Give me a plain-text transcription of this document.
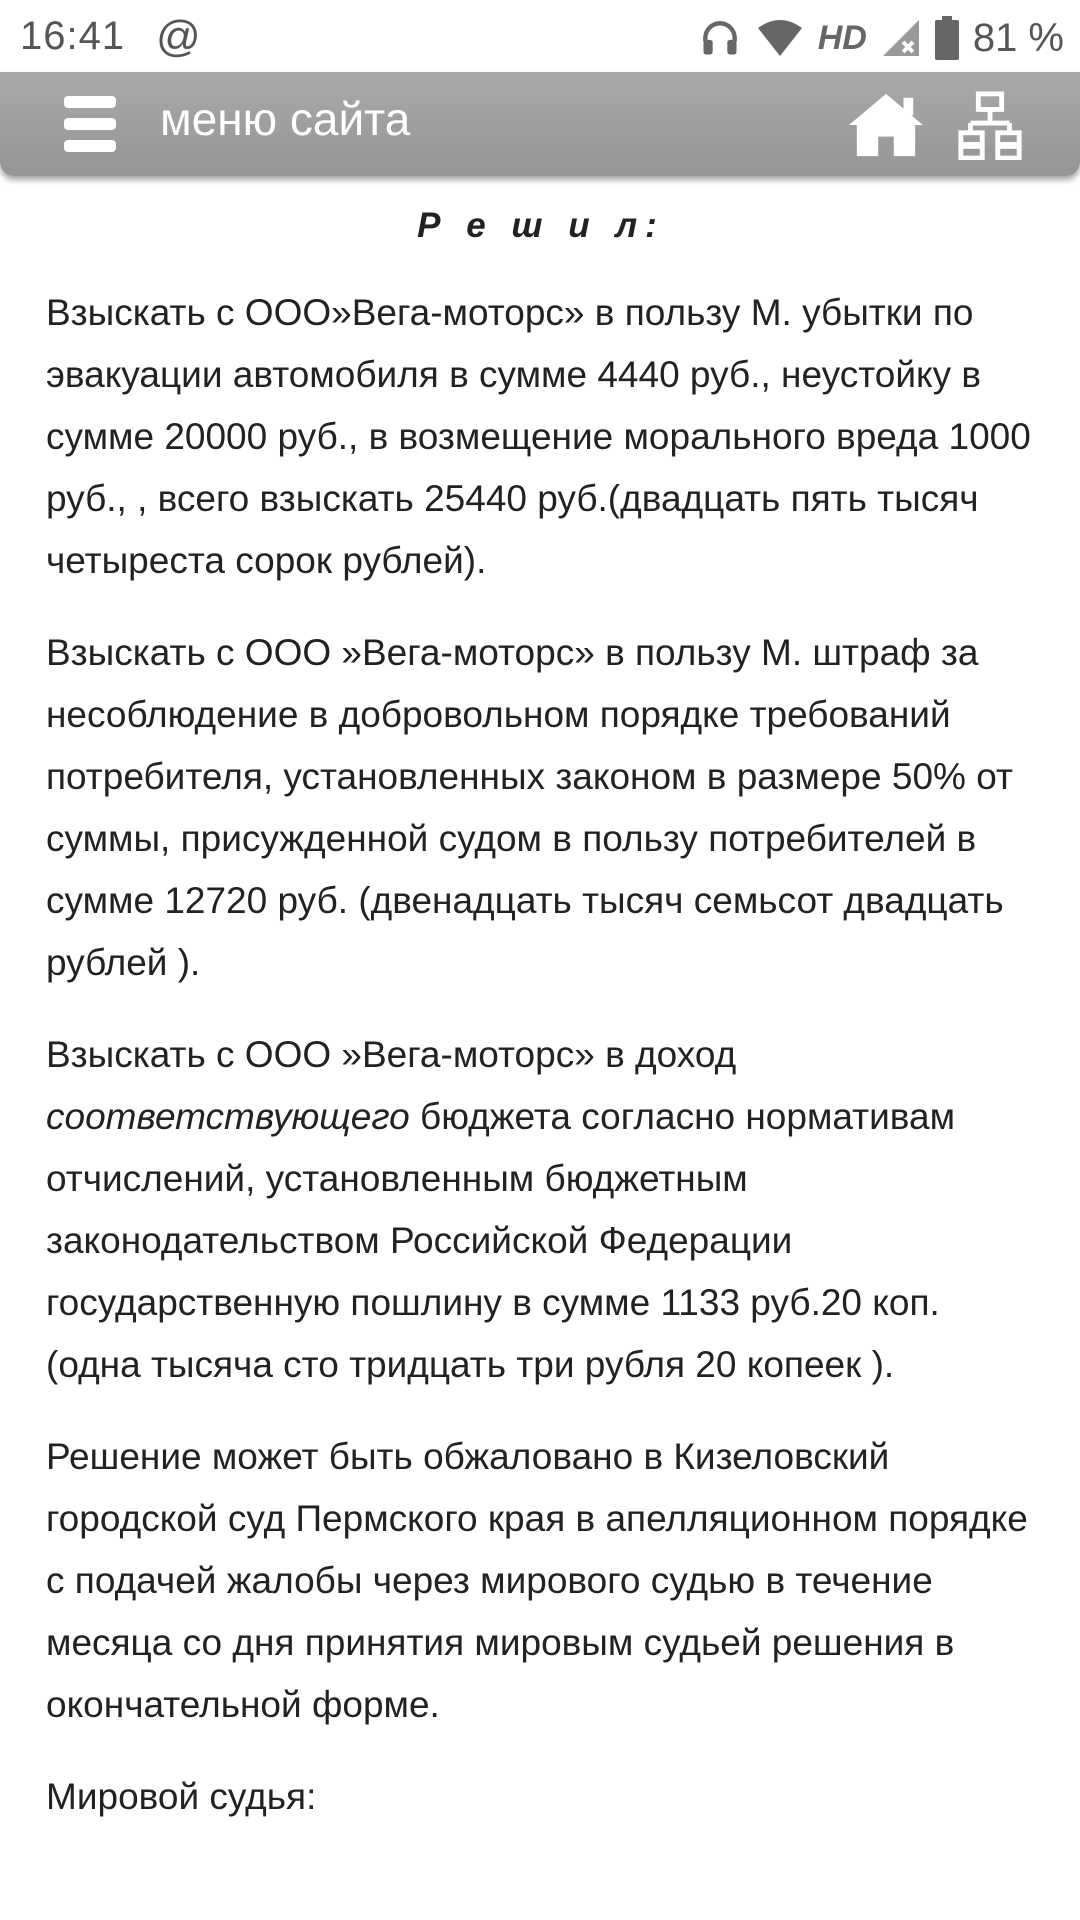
16:41 @	HD	81 %
меню сайта
Р е ш и л:

Взыскать с ООО»Вега-моторс» в пользу М. убытки по эвакуации автомобиля в сумме 4440 руб., неустойку в сумме 20000 руб., в возмещение морального вреда 1000 руб., , всего взыскать 25440 руб.(двадцать пять тысяч четыреста сорок рублей).

Взыскать с ООО »Вега-моторс» в пользу М. штраф за несоблюдение в добровольном порядке требований потребителя, установленных законом в размере 50% от суммы, присужденной судом в пользу потребителей в сумме 12720 руб. (двенадцать тысяч семьсот двадцать рублей ).

Взыскать с ООО »Вега-моторс» в доход соответствующего бюджета согласно нормативам отчислений, установленным бюджетным законодательством Российской Федерации государственную пошлину в сумме 1133 руб.20 коп. (одна тысяча сто тридцать три рубля 20 копеек ).

Решение может быть обжаловано в Кизеловский городской суд Пермского края в апелляционном порядке с подачей жалобы через мирового судью в течение месяца со дня принятия мировым судьей решения в окончательной форме.

Мировой судья:
